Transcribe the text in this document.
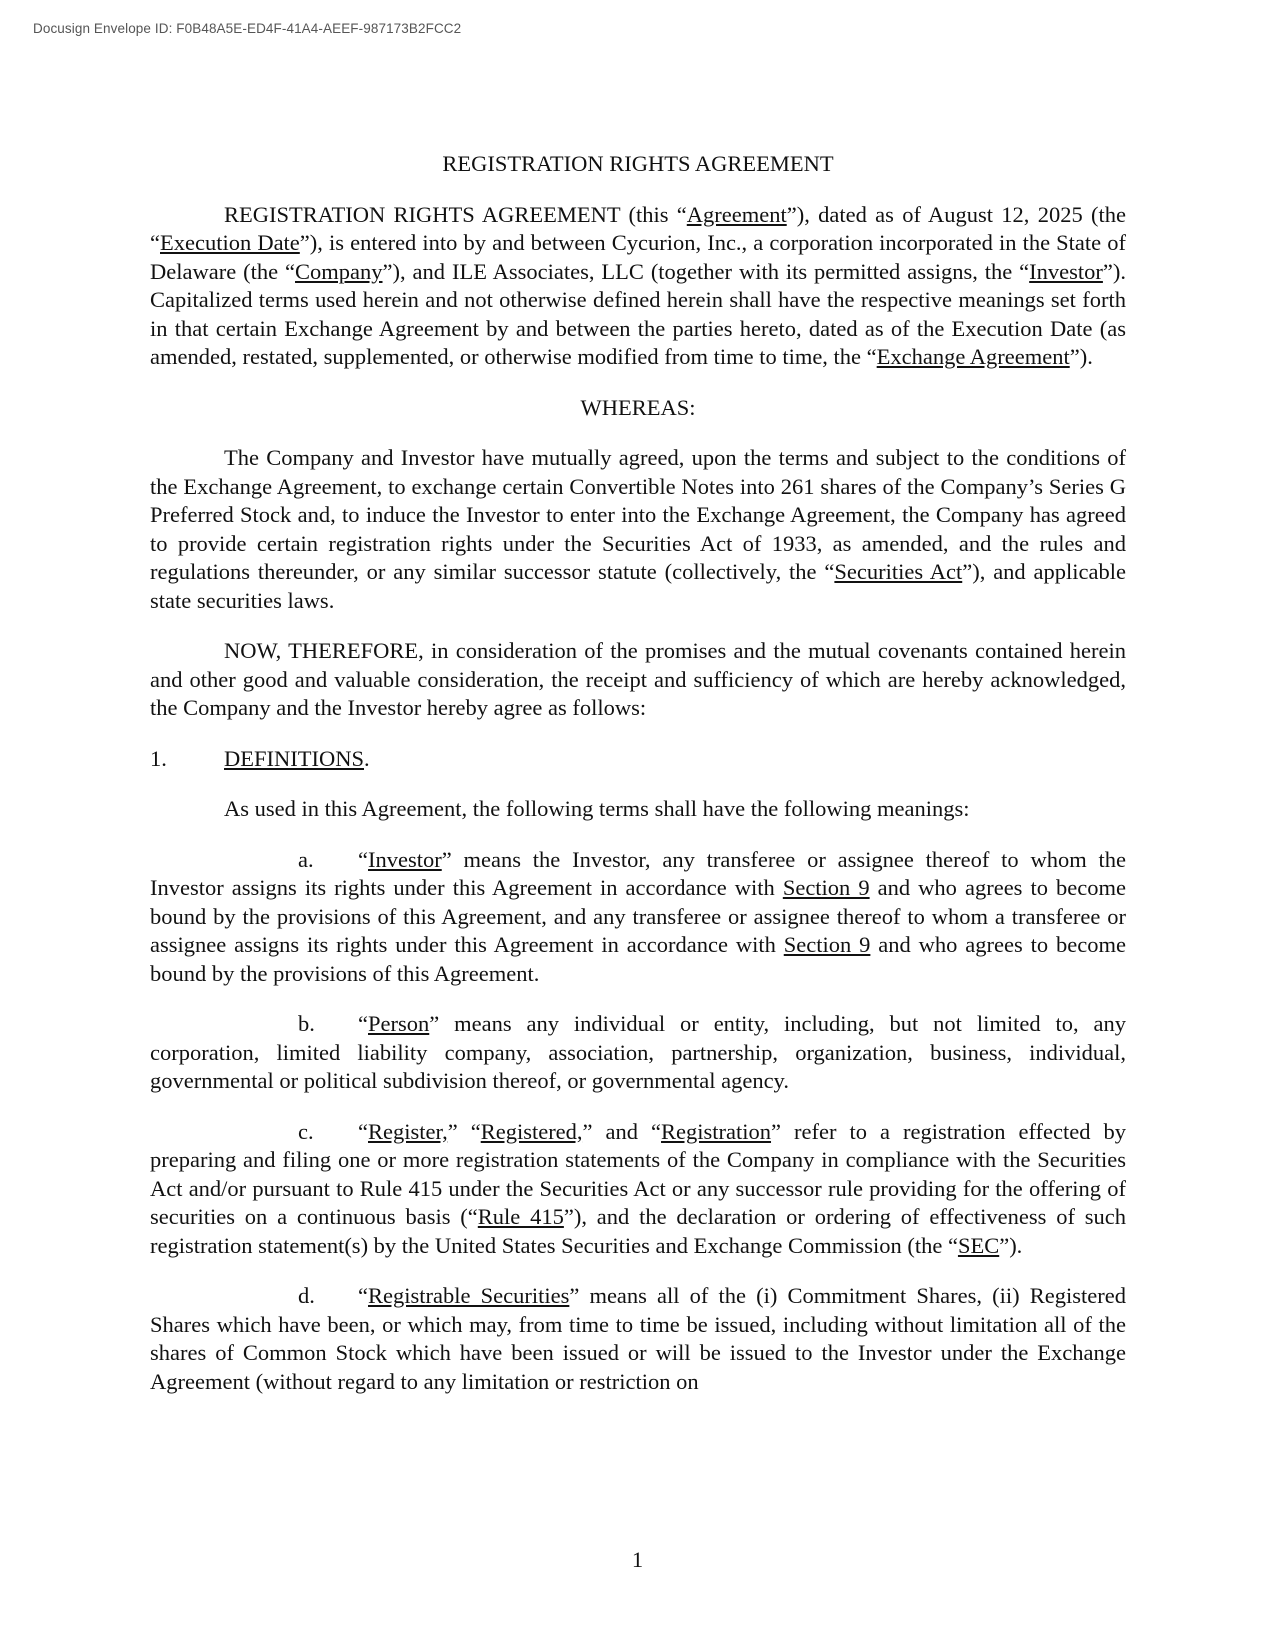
Docusign Envelope ID: F0B48A5E-ED4F-41A4-AEEF-987173B2FCC2

REGISTRATION RIGHTS AGREEMENT

REGISTRATION RIGHTS AGREEMENT (this “Agreement”), dated as of August 12, 2025 (the “Execution Date”), is entered into by and between Cycurion, Inc., a corporation incorporated in the State of Delaware (the “Company”), and ILE Associates, LLC (together with its permitted assigns, the “Investor”). Capitalized terms used herein and not otherwise defined herein shall have the respective meanings set forth in that certain Exchange Agreement by and between the parties hereto, dated as of the Execution Date (as amended, restated, supplemented, or otherwise modified from time to time, the “Exchange Agreement”).

WHEREAS:

The Company and Investor have mutually agreed, upon the terms and subject to the conditions of the Exchange Agreement, to exchange certain Convertible Notes into 261 shares of the Company’s Series G Preferred Stock and, to induce the Investor to enter into the Exchange Agreement, the Company has agreed to provide certain registration rights under the Securities Act of 1933, as amended, and the rules and regulations thereunder, or any similar successor statute (collectively, the “Securities Act”), and applicable state securities laws.

NOW, THEREFORE, in consideration of the promises and the mutual covenants contained herein and other good and valuable consideration, the receipt and sufficiency of which are hereby acknowledged, the Company and the Investor hereby agree as follows:

1.	DEFINITIONS.

As used in this Agreement, the following terms shall have the following meanings:

a. “Investor” means the Investor, any transferee or assignee thereof to whom the Investor assigns its rights under this Agreement in accordance with Section 9 and who agrees to become bound by the provisions of this Agreement, and any transferee or assignee thereof to whom a transferee or assignee assigns its rights under this Agreement in accordance with Section 9 and who agrees to become bound by the provisions of this Agreement.

b. “Person” means any individual or entity, including, but not limited to, any corporation, limited liability company, association, partnership, organization, business, individual, governmental or political subdivision thereof, or governmental agency.

c. “Register,” “Registered,” and “Registration” refer to a registration effected by preparing and filing one or more registration statements of the Company in compliance with the Securities Act and/or pursuant to Rule 415 under the Securities Act or any successor rule providing for the offering of securities on a continuous basis (“Rule 415”), and the declaration or ordering of effectiveness of such registration statement(s) by the United States Securities and Exchange Commission (the “SEC”).

d. “Registrable Securities” means all of the (i) Commitment Shares, (ii) Registered Shares which have been, or which may, from time to time be issued, including without limitation all of the shares of Common Stock which have been issued or will be issued to the Investor under the Exchange Agreement (without regard to any limitation or restriction on

1
